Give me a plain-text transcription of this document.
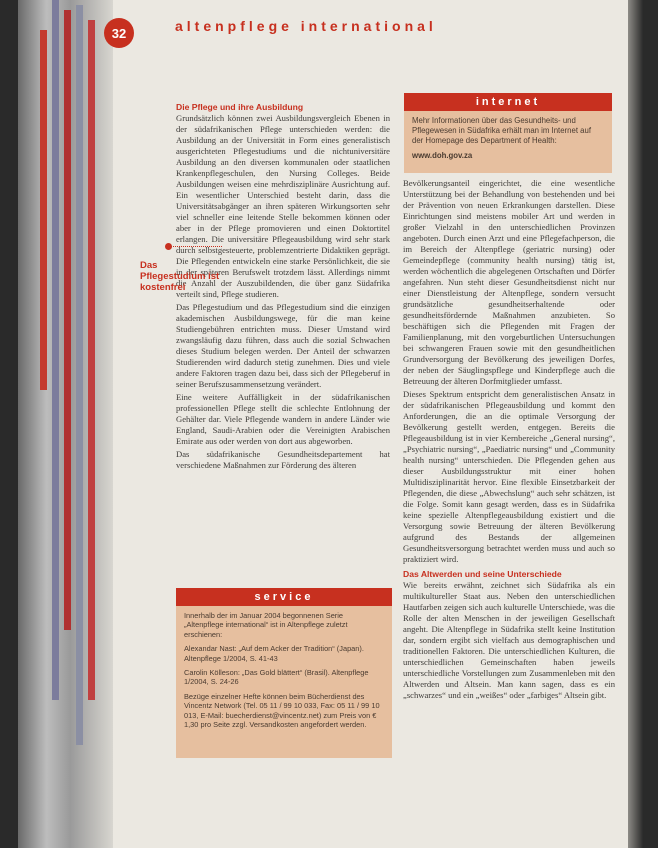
32	altenpflege international
Die Pflege und ihre Ausbildung

Grundsätzlich können zwei Ausbildungsvergleich Ebenen in der südafrikanischen Pflege unterschieden werden: die Ausbildung an der Universität in Form eines generalistisch ausgerichteten Pflegestudiums und die nichtuniversitäre Ausbildung an den diversen kommunalen oder staatlichen Krankenpflegeschulen, den Nursing Colleges. Beide Ausbildungen weisen eine mehrdisziplinäre Ausrichtung auf. Ein wesentlicher Unterschied besteht darin, dass die Universitätsabgänger an ihren späteren Wirkungsorten sehr viel schneller eine leitende Stelle bekommen können oder aber in der Pflege promovieren und einen Doktortitel erlangen. Die universitäre Pflegeausbildung wird sehr stark durch selbstgesteuerte, problemzentrierte Didaktiken geprägt. Die Pflegenden entwickeln eine starke Persönlichkeit, die sie in der späteren Berufswelt trotzdem lässt. Allerdings nimmt die Anzahl der Auszubildenden, die über ganz Südafrika verteilt sind, Pflege studieren.

Das Pflegestudium und das Pflegestudium sind die einzigen akademischen Ausbildungswege, für die man keine Studiengebühren entrichten muss. Dieser Umstand wird zwangsläufig dazu führen, dass auch die sozial Schwachen dieses Studium belegen werden. Der Anteil der schwarzen Studierenden wird dadurch stetig zunehmen. Dies und viele andere Faktoren tragen dazu bei, dass sich der Pflegeberuf in seiner Berufszusammensetzung verändert.

Eine weitere Auffälligkeit in der südafrikanischen professionellen Pflege stellt die schlechte Entlohnung der Gehälter dar. Viele Pflegende wandern in andere Länder wie England, Saudi-Arabien oder die Vereinigten Arabischen Emirate aus oder werden von dort aus abgeworben.

Das südafrikanische Gesundheitsdepartement hat verschiedene Maßnahmen zur Förderung des älteren

Das Pflegestudium ist kostenfrei
internet

Mehr Informationen über das Gesundheits- und Pflegewesen in Südafrika erhält man im Internet auf der Homepage des Department of Health:

www.doh.gov.za

Bevölkerungsanteil eingerichtet, die eine wesentliche Unterstützung bei der Behandlung von bestehenden und bei der Prävention von neuen Erkrankungen darstellen. Diese Einrichtungen sind meistens mobiler Art und werden in großer Vielzahl in den unterschiedlichen Provinzen angeboten. Durch einen Arzt und eine Pflegefachperson, die im Bereich der Altenpflege (geriatric nursing) oder Gemeindepflege (community health nursing) tätig ist, werden wöchentlich die abgelegenen Ortschaften und Dörfer angefahren. Nun steht dieser Gesundheitsdienst nicht nur einer Dienstleistung der Altenpflege, sondern versucht grundsätzliche gesundheitserhaltende oder gesundheitsfördernde Maßnahmen anzubieten. So beschäftigen sich die Pflegenden mit Fragen der Familienplanung, mit den vorgeburtlichen Untersuchungen bei schwangeren Frauen sowie mit den gesundheitlichen Grundversorgung der Bevölkerung des jeweiligen Dorfes, der neben der Säuglingspflege und Kinderpflege auch die Betreuung der älteren Dorfmitglieder umfasst.

Dieses Spektrum entspricht dem generalistischen Ansatz in der südafrikanischen Pflegeausbildung und kommt den Anforderungen, die an die optimale Versorgung der Bevölkerung gestellt werden, entgegen. Bereits die Pflegeausbildung ist in vier Kernbereiche „General nursing“, „Psychiatric nursing“, „Paediatric nursing“ und „Community health nursing“ unterschieden. Die Pflegenden gehen aus dieser Ausbildungsstruktur mit einer hohen Multidisziplinarität hervor. Eine flexible Einsetzbarkeit der Pflegenden, die diese „Abwechslung“ auch sehr schätzen, ist die Folge. Somit kann gesagt werden, dass es in Südafrika keine spezielle Altenpflegeausbildung existiert und die Versorgung sowie Betreuung der älteren Bevölkerung aufgrund des Bestands der allgemeinen Gesundheitsversorgung betrachtet werden muss und auch so praktiziert wird.

Das Altwerden und seine Unterschiede

Wie bereits erwähnt, zeichnet sich Südafrika als ein multikultureller Staat aus. Neben den unterschiedlichen Hautfarben zeigen sich auch kulturelle Unterschiede, was die Rolle der alten Menschen in der jeweiligen Gesellschaft angeht. Die Altenpflege in Südafrika stellt keine Institution dar, sondern ergibt sich vielfach aus demographischen und traditionellen Faktoren. Die unterschiedlichen Kulturen, die unterschiedlichen Gemeinschaften haben jeweils unterschiedliche Vorstellungen zum Zusammenleben mit den Altwerden und Altsein. Man kann sagen, dass es ein „schwarzes“ und ein „weißes“ oder „farbiges“ Altsein gibt.

service

Innerhalb der im Januar 2004 begonnenen Serie „Altenpflege international“ ist in Altenpflege zuletzt erschienen:

Alexandar Nast: „Auf dem Acker der Tradition“ (Japan). Altenpflege 1/2004, S. 41-43

Carolin Kölleson: „Das Gold blättert“ (Brasil). Altenpflege 1/2004, S. 24-26

Bezüge einzelner Hefte können beim Bücherdienst des Vincentz Network (Tel. 05 11 / 99 10 033, Fax: 05 11 / 99 10 013, E-Mail: buecherdienst@vincentz.net) zum Preis von € 1,30 pro Seite zzgl. Versandkosten angefordert werden.
